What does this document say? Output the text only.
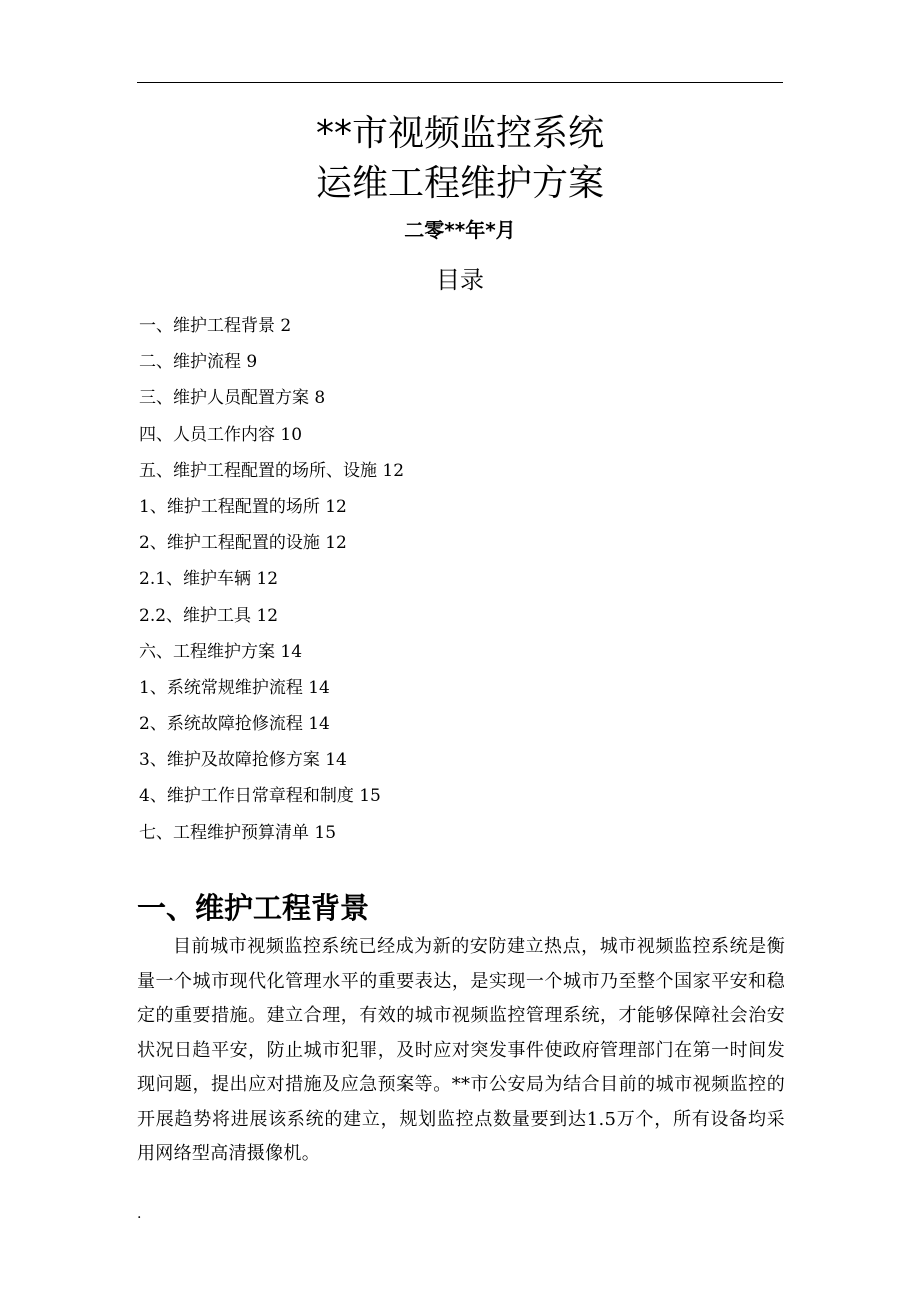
**市视频监控系统
运维工程维护方案
二零**年*月
目录
一、维护工程背景 2
二、维护流程 9
三、维护人员配置方案 8
四、人员工作内容 10
五、维护工程配置的场所、设施 12
1、维护工程配置的场所 12
2、维护工程配置的设施 12
2.1、维护车辆 12
2.2、维护工具 12
六、工程维护方案 14
1、系统常规维护流程 14
2、系统故障抢修流程 14
3、维护及故障抢修方案 14
4、维护工作日常章程和制度 15
七、工程维护预算清单 15
一、维护工程背景

目前城市视频监控系统已经成为新的安防建立热点，城市视频监控系统是衡量一个城市现代化管理水平的重要表达，是实现一个城市乃至整个国家平安和稳定的重要措施。建立合理，有效的城市视频监控管理系统，才能够保障社会治安状况日趋平安，防止城市犯罪，及时应对突发事件使政府管理部门在第一时间发现问题，提出应对措施及应急预案等。**市公安局为结合目前的城市视频监控的开展趋势将进展该系统的建立，规划监控点数量要到达1.5万个，所有设备均采用网络型高清摄像机。

.
